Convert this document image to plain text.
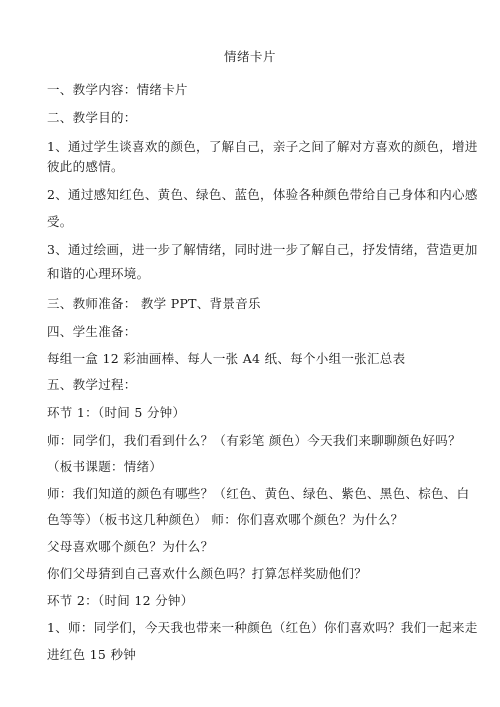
情绪卡片
一、教学内容：情绪卡片
二、教学目的：
1、通过学生谈喜欢的颜色，了解自己，亲子之间了解对方喜欢的颜色，增进
彼此的感情。
2、通过感知红色、黄色、绿色、蓝色，体验各种颜色带给自己身体和内心感
受。
3、通过绘画，进一步了解情绪，同时进一步了解自己，抒发情绪，营造更加
和谐的心理环境。
三、教师准备： 教学 PPT、背景音乐
四、学生准备：
每组一盒 12 彩油画棒、每人一张 A4 纸、每个小组一张汇总表
五、教学过程：
环节 1：（时间 5 分钟）
师：同学们，我们看到什么？（有彩笔 颜色）今天我们来聊聊颜色好吗？
（板书课题：情绪）
师：我们知道的颜色有哪些？（红色、黄色、绿色、紫色、黑色、棕色、白
色等等）（板书这几种颜色） 师：你们喜欢哪个颜色？为什么？
父母喜欢哪个颜色？为什么？
你们父母猜到自己喜欢什么颜色吗？打算怎样奖励他们？
环节 2：（时间 12 分钟）
1、师：同学们，今天我也带来一种颜色（红色）你们喜欢吗？我们一起来走
进红色 15 秒钟
